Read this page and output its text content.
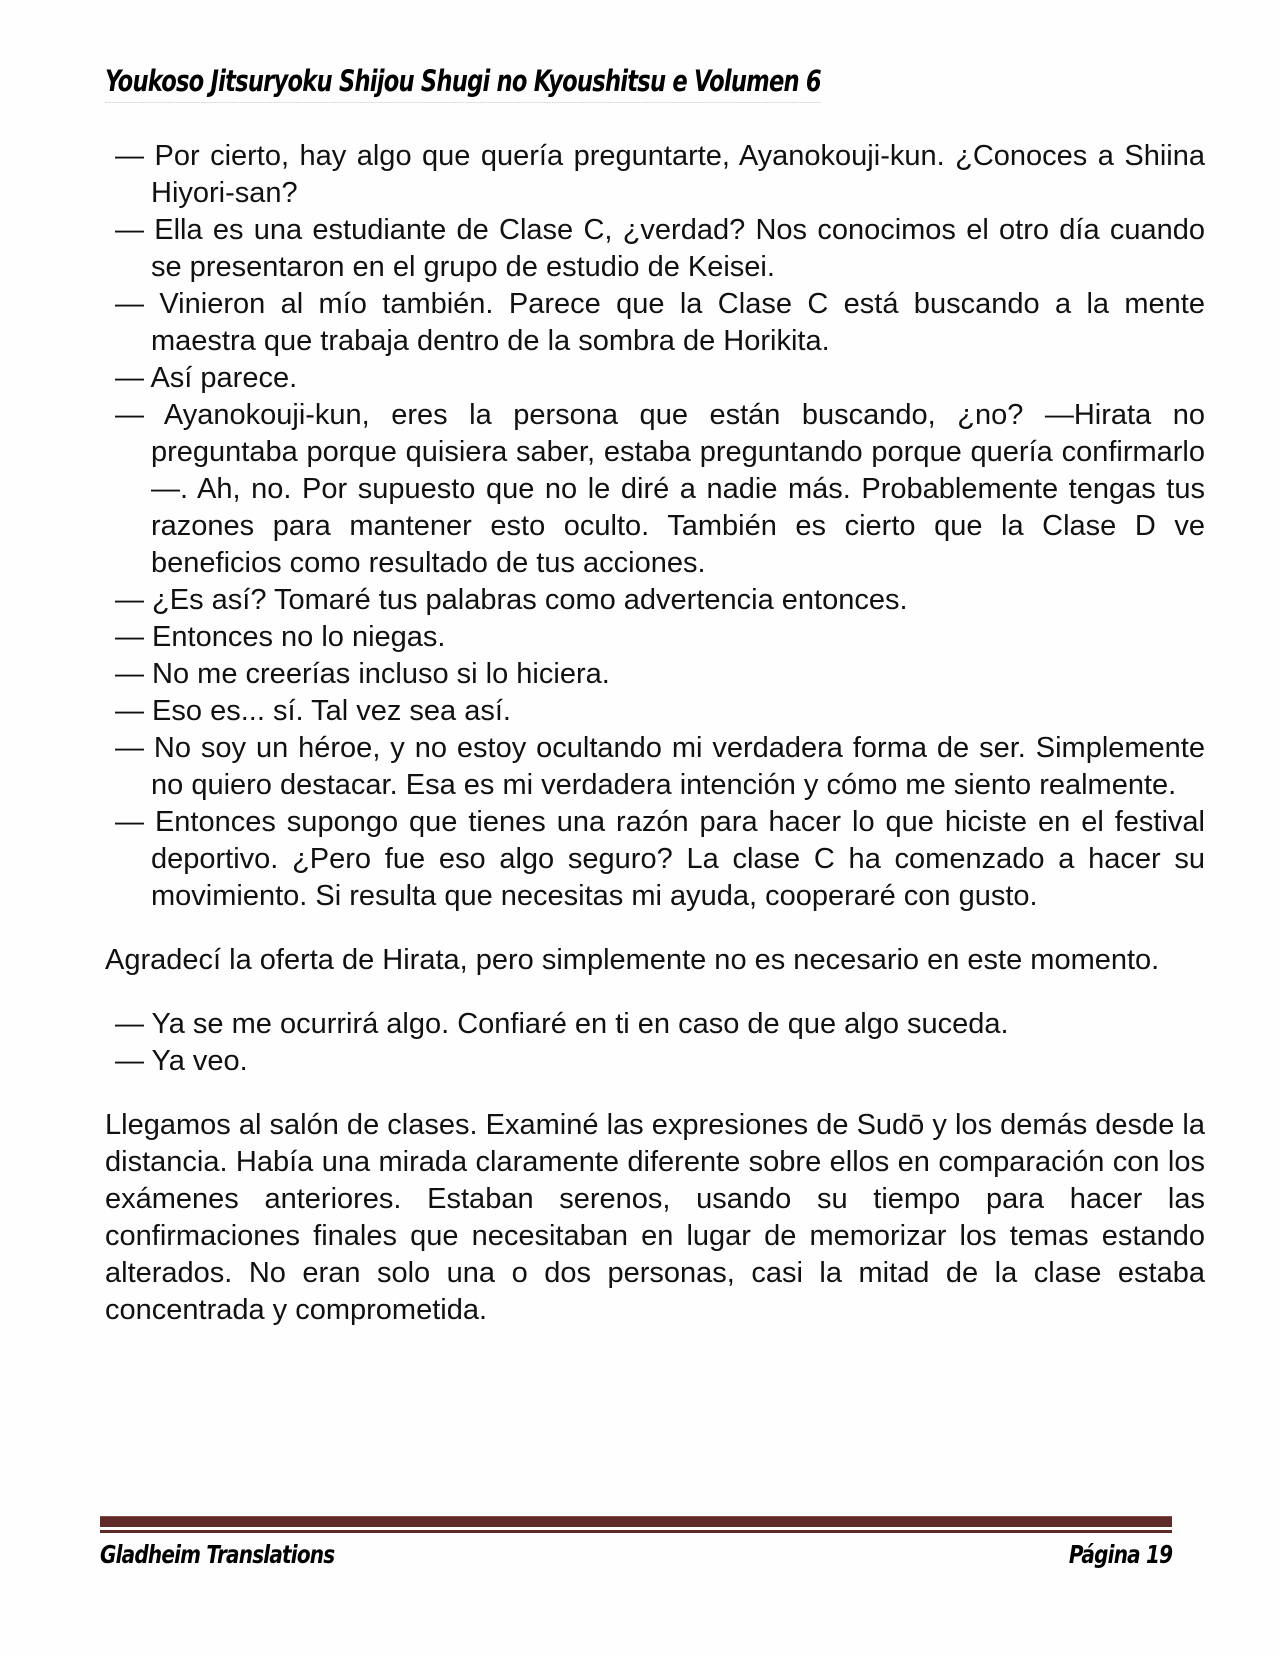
Youkoso Jitsuryoku Shijou Shugi no Kyoushitsu e Volumen 6

— Por cierto, hay algo que quería preguntarte, Ayanokouji-kun. ¿Conoces a Shiina Hiyori-san?

— Ella es una estudiante de Clase C, ¿verdad? Nos conocimos el otro día cuando se presentaron en el grupo de estudio de Keisei.

— Vinieron al mío también. Parece que la Clase C está buscando a la mente maestra que trabaja dentro de la sombra de Horikita.

— Así parece.

— Ayanokouji-kun, eres la persona que están buscando, ¿no? —Hirata no preguntaba porque quisiera saber, estaba preguntando porque quería confirmarlo—. Ah, no. Por supuesto que no le diré a nadie más. Probablemente tengas tus razones para mantener esto oculto. También es cierto que la Clase D ve beneficios como resultado de tus acciones.

— ¿Es así? Tomaré tus palabras como advertencia entonces.

— Entonces no lo niegas.

— No me creerías incluso si lo hiciera.

— Eso es... sí. Tal vez sea así.

— No soy un héroe, y no estoy ocultando mi verdadera forma de ser. Simplemente no quiero destacar. Esa es mi verdadera intención y cómo me siento realmente.

— Entonces supongo que tienes una razón para hacer lo que hiciste en el festival deportivo. ¿Pero fue eso algo seguro? La clase C ha comenzado a hacer su movimiento. Si resulta que necesitas mi ayuda, cooperaré con gusto.

Agradecí la oferta de Hirata, pero simplemente no es necesario en este momento.

— Ya se me ocurrirá algo. Confiaré en ti en caso de que algo suceda.

— Ya veo.

Llegamos al salón de clases. Examiné las expresiones de Sudō y los demás desde la distancia. Había una mirada claramente diferente sobre ellos en comparación con los exámenes anteriores. Estaban serenos, usando su tiempo para hacer las confirmaciones finales que necesitaban en lugar de memorizar los temas estando alterados. No eran solo una o dos personas, casi la mitad de la clase estaba concentrada y comprometida.

Gladheim Translations	Página 19
